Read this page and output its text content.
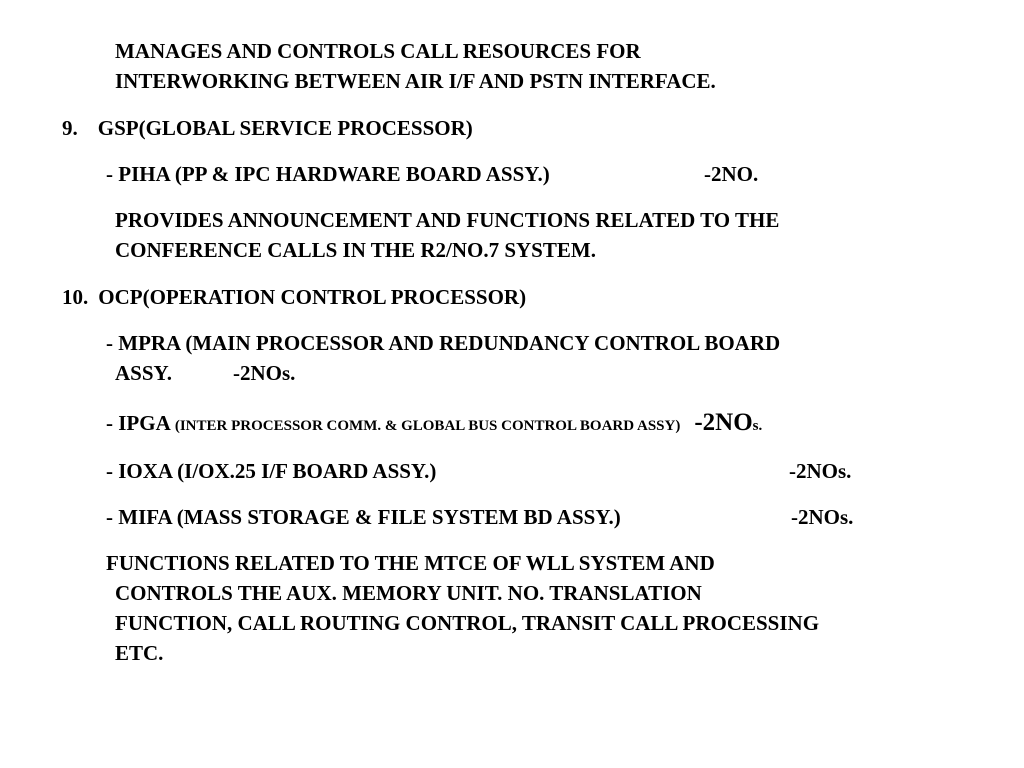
MANAGES AND CONTROLS CALL RESOURCES FOR
INTERWORKING BETWEEN AIR I/F AND PSTN INTERFACE.
9. GSP(GLOBAL SERVICE PROCESSOR)
- PIHA (PP & IPC HARDWARE BOARD ASSY.)	-2NO.
PROVIDES ANNOUNCEMENT AND FUNCTIONS RELATED TO THE
CONFERENCE CALLS IN THE R2/NO.7 SYSTEM.
10. OCP(OPERATION CONTROL PROCESSOR)
- MPRA (MAIN PROCESSOR AND REDUNDANCY CONTROL BOARD
ASSY.	-2NOs.
- IPGA (INTER PROCESSOR COMM. & GLOBAL BUS CONTROL BOARD ASSY) -2NOs.
- IOXA (I/OX.25 I/F BOARD ASSY.)	-2NOs.
- MIFA (MASS STORAGE & FILE SYSTEM BD ASSY.)	-2NOs.
FUNCTIONS RELATED TO THE MTCE OF WLL SYSTEM AND
CONTROLS THE AUX. MEMORY UNIT. NO. TRANSLATION
FUNCTION, CALL ROUTING CONTROL, TRANSIT CALL PROCESSING
ETC.
